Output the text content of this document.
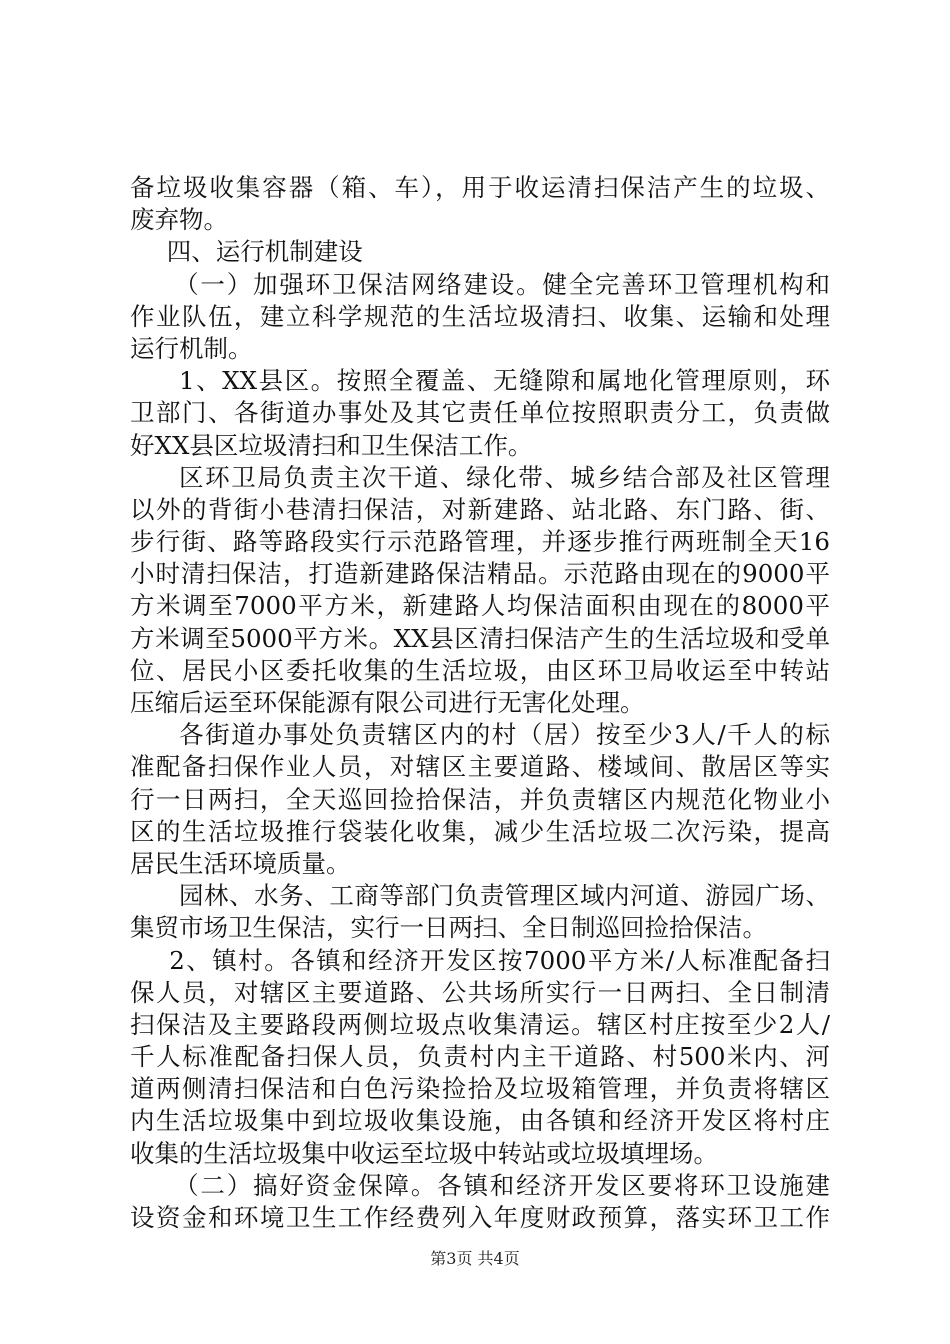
备垃圾收集容器（箱、车），用于收运清扫保洁产生的垃圾、
废弃物。
四、运行机制建设
（一）加强环卫保洁网络建设。健全完善环卫管理机构和
作业队伍，建立科学规范的生活垃圾清扫、收集、运输和处理
运行机制。
1、XX县区。按照全覆盖、无缝隙和属地化管理原则，环
卫部门、各街道办事处及其它责任单位按照职责分工，负责做
好XX县区垃圾清扫和卫生保洁工作。
区环卫局负责主次干道、绿化带、城乡结合部及社区管理
以外的背街小巷清扫保洁，对新建路、站北路、东门路、街、
步行街、路等路段实行示范路管理，并逐步推行两班制全天16
小时清扫保洁，打造新建路保洁精品。示范路由现在的9000平
方米调至7000平方米，新建路人均保洁面积由现在的8000平
方米调至5000平方米。XX县区清扫保洁产生的生活垃圾和受单
位、居民小区委托收集的生活垃圾，由区环卫局收运至中转站
压缩后运至环保能源有限公司进行无害化处理。
各街道办事处负责辖区内的村（居）按至少3人/千人的标
准配备扫保作业人员，对辖区主要道路、楼域间、散居区等实
行一日两扫，全天巡回捡拾保洁，并负责辖区内规范化物业小
区的生活垃圾推行袋装化收集，减少生活垃圾二次污染，提高
居民生活环境质量。
园林、水务、工商等部门负责管理区域内河道、游园广场、
集贸市场卫生保洁，实行一日两扫、全日制巡回捡拾保洁。
2、镇村。各镇和经济开发区按7000平方米/人标准配备扫
保人员，对辖区主要道路、公共场所实行一日两扫、全日制清
扫保洁及主要路段两侧垃圾点收集清运。辖区村庄按至少2人/
千人标准配备扫保人员，负责村内主干道路、村500米内、河
道两侧清扫保洁和白色污染捡拾及垃圾箱管理，并负责将辖区
内生活垃圾集中到垃圾收集设施，由各镇和经济开发区将村庄
收集的生活垃圾集中收运至垃圾中转站或垃圾填埋场。
（二）搞好资金保障。各镇和经济开发区要将环卫设施建
设资金和环境卫生工作经费列入年度财政预算，落实环卫工作
第3页 共4页
